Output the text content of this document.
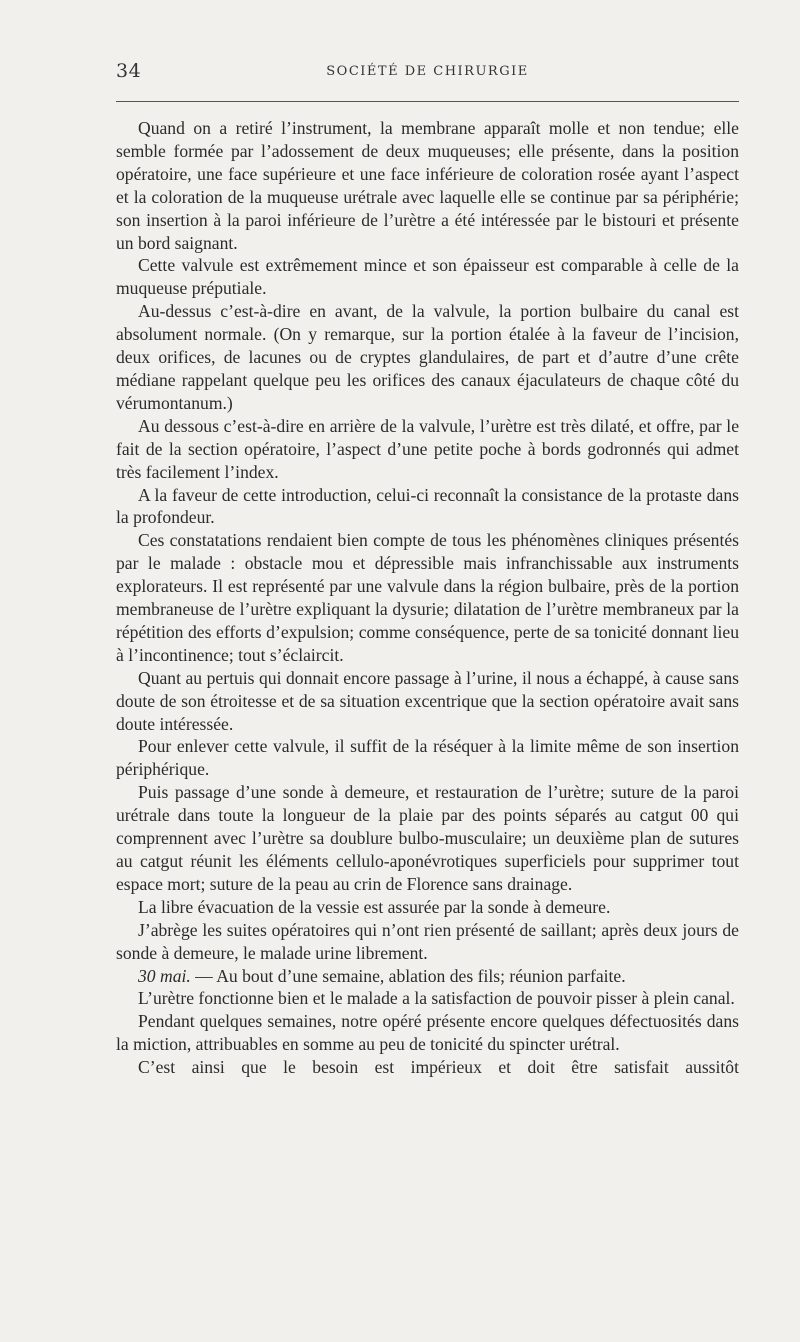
34	SOCIÉTÉ DE CHIRURGIE

Quand on a retiré l’instrument, la membrane apparaît molle et non tendue; elle semble formée par l’adossement de deux muqueuses; elle présente, dans la position opératoire, une face supérieure et une face inférieure de coloration rosée ayant l’aspect et la coloration de la muqueuse urétrale avec laquelle elle se continue par sa périphérie; son insertion à la paroi inférieure de l’urètre a été intéressée par le bistouri et présente un bord saignant.

Cette valvule est extrêmement mince et son épaisseur est comparable à celle de la muqueuse préputiale.

Au-dessus c’est-à-dire en avant, de la valvule, la portion bulbaire du canal est absolument normale. (On y remarque, sur la portion étalée à la faveur de l’incision, deux orifices, de lacunes ou de cryptes glandulaires, de part et d’autre d’une crête médiane rappelant quelque peu les orifices des canaux éjaculateurs de chaque côté du vérumontanum.)

Au dessous c’est-à-dire en arrière de la valvule, l’urètre est très dilaté, et offre, par le fait de la section opératoire, l’aspect d’une petite poche à bords godronnés qui admet très facilement l’index.

A la faveur de cette introduction, celui-ci reconnaît la consistance de la protaste dans la profondeur.

Ces constatations rendaient bien compte de tous les phénomènes cliniques présentés par le malade : obstacle mou et dépressible mais infranchissable aux instruments explorateurs. Il est représenté par une valvule dans la région bulbaire, près de la portion membraneuse de l’urètre expliquant la dysurie; dilatation de l’urètre membraneux par la répétition des efforts d’expulsion; comme conséquence, perte de sa tonicité donnant lieu à l’incontinence; tout s’éclaircit.

Quant au pertuis qui donnait encore passage à l’urine, il nous a échappé, à cause sans doute de son étroitesse et de sa situation excentrique que la section opératoire avait sans doute intéressée.

Pour enlever cette valvule, il suffit de la réséquer à la limite même de son insertion périphérique.

Puis passage d’une sonde à demeure, et restauration de l’urètre; suture de la paroi urétrale dans toute la longueur de la plaie par des points séparés au catgut 00 qui comprennent avec l’urètre sa doublure bulbo-musculaire; un deuxième plan de sutures au catgut réunit les éléments cellulo-aponévrotiques superficiels pour supprimer tout espace mort; suture de la peau au crin de Florence sans drainage.

La libre évacuation de la vessie est assurée par la sonde à demeure.

J’abrège les suites opératoires qui n’ont rien présenté de saillant; après deux jours de sonde à demeure, le malade urine librement.

30 mai. — Au bout d’une semaine, ablation des fils; réunion parfaite.

L’urètre fonctionne bien et le malade a la satisfaction de pouvoir pisser à plein canal.

Pendant quelques semaines, notre opéré présente encore quelques défectuosités dans la miction, attribuables en somme au peu de tonicité du spincter urétral.

C’est ainsi que le besoin est impérieux et doit être satisfait aussitôt
